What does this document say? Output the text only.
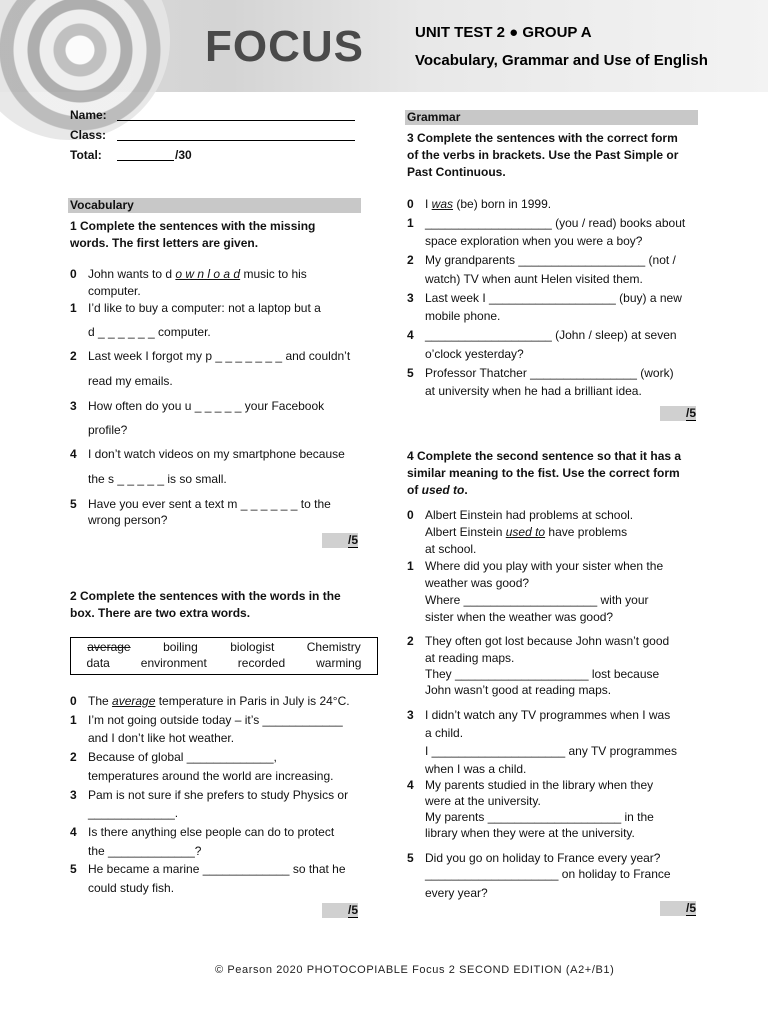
FOCUS	UNIT TEST 2 ● GROUP A
Vocabulary, Grammar and Use of English
Name:
Class:
Total:	/30
Vocabulary
1 Complete the sentences with the missing
words. The first letters are given.
0 John wants to d o w n l o a d music to his
computer.
1 I’d like to buy a computer: not a laptop but a
d _ _ _ _ _ _ computer.
2 Last week I forgot my p _ _ _ _ _ _ _ and couldn’t
read my emails.
3 How often do you u _ _ _ _ _ your Facebook
profile?
4 I don’t watch videos on my smartphone because
the s _ _ _ _ _ is so small.
5 Have you ever sent a text m _ _ _ _ _ _ to the
wrong person?
/5
2 Complete the sentences with the words in the
box. There are two extra words.
average	boiling	biologist	Chemistry
data	environment	recorded	warming
0 The average temperature in Paris in July is 24°C.
1 I’m not going outside today – it’s ____________
and I don’t like hot weather.
2 Because of global _____________,
temperatures around the world are increasing.
3 Pam is not sure if she prefers to study Physics or
_____________.
4 Is there anything else people can do to protect
the _____________?
5 He became a marine _____________ so that he
could study fish.
/5
Grammar
3 Complete the sentences with the correct form
of the verbs in brackets. Use the Past Simple or
Past Continuous.
0 I was (be) born in 1999.
1 ___________________ (you / read) books about
space exploration when you were a boy?
2 My grandparents ___________________ (not /
watch) TV when aunt Helen visited them.
3 Last week I ___________________ (buy) a new
mobile phone.
4 ___________________ (John / sleep) at seven
o’clock yesterday?
5 Professor Thatcher ________________ (work)
at university when he had a brilliant idea.
/5
4 Complete the second sentence so that it has a
similar meaning to the fist. Use the correct form
of used to.
0 Albert Einstein had problems at school.
Albert Einstein used to have problems
at school.
1 Where did you play with your sister when the
weather was good?
Where ____________________ with your
sister when the weather was good?
2 They often got lost because John wasn’t good
at reading maps.
They ____________________ lost because
John wasn’t good at reading maps.
3 I didn’t watch any TV programmes when I was
a child.
I ____________________ any TV programmes
when I was a child.
4 My parents studied in the library when they
were at the university.
My parents ____________________ in the
library when they were at the university.
5 Did you go on holiday to France every year?
____________________ on holiday to France
every year?
/5
© Pearson 2020 PHOTOCOPIABLE Focus 2 SECOND EDITION (A2+/B1)
